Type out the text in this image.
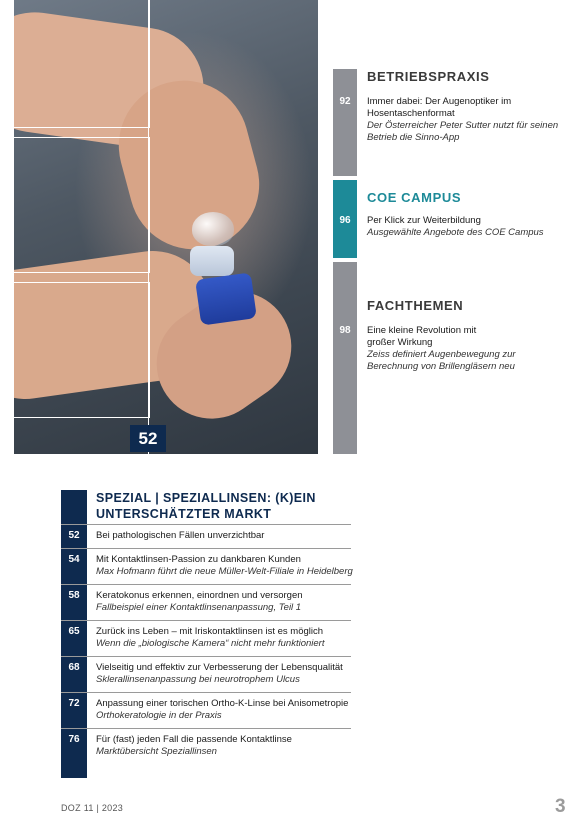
52
BETRIEBSPRAXIS
92	Immer dabei: Der Augenoptiker im Hosentaschenformat
Der Österreicher Peter Sutter nutzt für seinen Betrieb die Sinno-App
COE CAMPUS
96	Per Klick zur Weiterbildung
Ausgewählte Angebote des COE Campus
FACHTHEMEN
98	Eine kleine Revolution mit großer Wirkung
Zeiss definiert Augenbewegung zur Berechnung von Brillengläsern neu
SPEZIAL | SPEZIALLINSEN: (K)EIN UNTERSCHÄTZTER MARKT
52	Bei pathologischen Fällen unverzichtbar
54	Mit Kontaktlinsen-Passion zu dankbaren Kunden
Max Hofmann führt die neue Müller-Welt-Filiale in Heidelberg
58	Keratokonus erkennen, einordnen und versorgen
Fallbeispiel einer Kontaktlinsenanpassung, Teil 1
65	Zurück ins Leben – mit Iriskontaktlinsen ist es möglich
Wenn die „biologische Kamera“ nicht mehr funktioniert
68	Vielseitig und effektiv zur Verbesserung der Lebensqualität
Sklerallinsenanpassung bei neurotrophem Ulcus
72	Anpassung einer torischen Ortho-K-Linse bei Anisometropie
Orthokeratologie in der Praxis
76	Für (fast) jeden Fall die passende Kontaktlinse
Marktübersicht Speziallinsen
DOZ 11 | 2023	3
